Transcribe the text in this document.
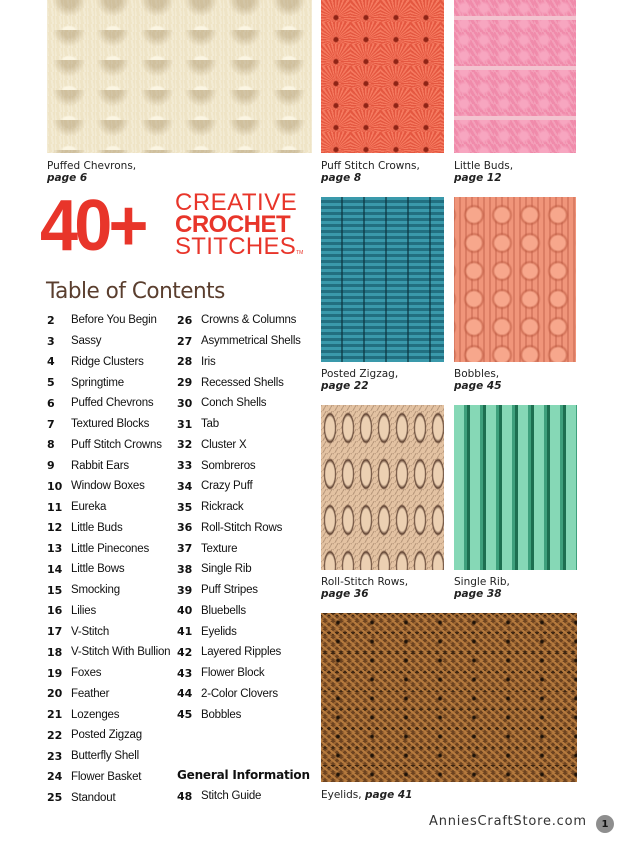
Puffed Chevrons,
page 6
Puff Stitch Crowns,
page 8
Little Buds,
page 12
Posted Zigzag,
page 22
Bobbles,
page 45
Roll-Stitch Rows,
page 36
Single Rib,
page 38
Eyelids, page 41
40+ CREATIVE
CROCHET
STITCHESTM
Table of Contents
2	Before You Begin
3	Sassy
4	Ridge Clusters
5	Springtime
6	Puffed Chevrons
7	Textured Blocks
8	Puff Stitch Crowns
9	Rabbit Ears
10 Window Boxes
11 Eureka
12 Little Buds
13 Little Pinecones
14 Little Bows
15 Smocking
16 Lilies
17 V-Stitch
18 V-Stitch With Bullion
19 Foxes
20 Feather
21 Lozenges
22 Posted Zigzag
23 Butterfly Shell
24 Flower Basket
25 Standout
26 Crowns & Columns
27 Asymmetrical Shells
28 Iris
29 Recessed Shells
30 Conch Shells
31 Tab
32 Cluster X
33 Sombreros
34 Crazy Puff
35 Rickrack
36 Roll-Stitch Rows
37 Texture
38 Single Rib
39 Puff Stripes
40 Bluebells
41 Eyelids
42 Layered Ripples
43 Flower Block
44 2-Color Clovers
45 Bobbles
General Information
48 Stitch Guide
AnniesCraftStore.com	1
